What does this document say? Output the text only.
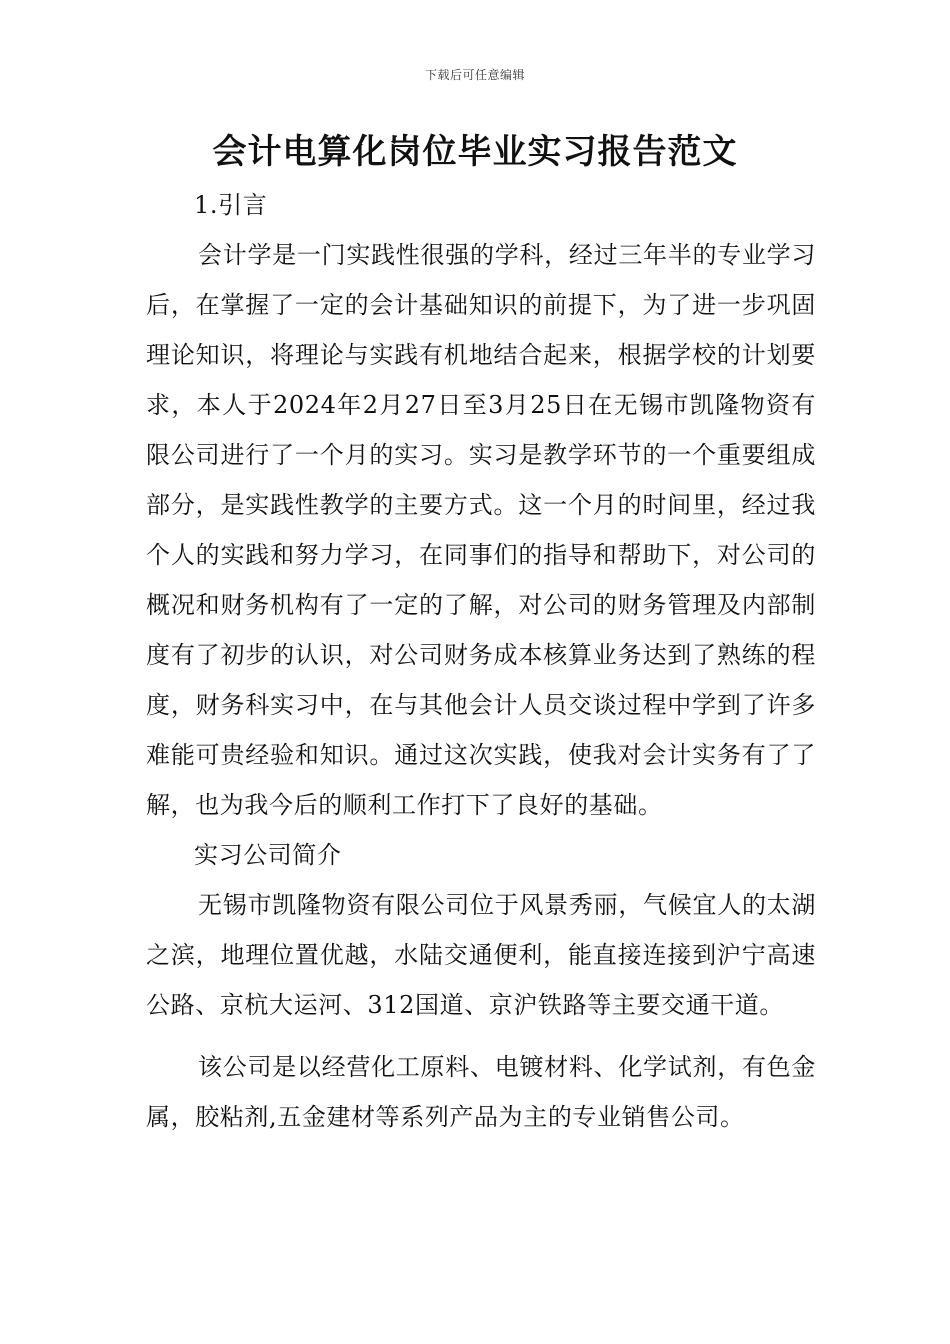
下载后可任意编辑
会计电算化岗位毕业实习报告范文

1.引言

会计学是一门实践性很强的学科，经过三年半的专业学习后，在掌握了一定的会计基础知识的前提下，为了进一步巩固理论知识，将理论与实践有机地结合起来，根据学校的计划要求，本人于2024年2月27日至3月25日在无锡市凯隆物资有限公司进行了一个月的实习。实习是教学环节的一个重要组成部分，是实践性教学的主要方式。这一个月的时间里，经过我个人的实践和努力学习，在同事们的指导和帮助下，对公司的概况和财务机构有了一定的了解，对公司的财务管理及内部制度有了初步的认识，对公司财务成本核算业务达到了熟练的程度，财务科实习中，在与其他会计人员交谈过程中学到了许多难能可贵经验和知识。通过这次实践，使我对会计实务有了了解，也为我今后的顺利工作打下了良好的基础。

实习公司简介

无锡市凯隆物资有限公司位于风景秀丽，气候宜人的太湖之滨，地理位置优越，水陆交通便利，能直接连接到沪宁高速公路、京杭大运河、312国道、京沪铁路等主要交通干道。

该公司是以经营化工原料、电镀材料、化学试剂，有色金属，胶粘剂,五金建材等系列产品为主的专业销售公司。
